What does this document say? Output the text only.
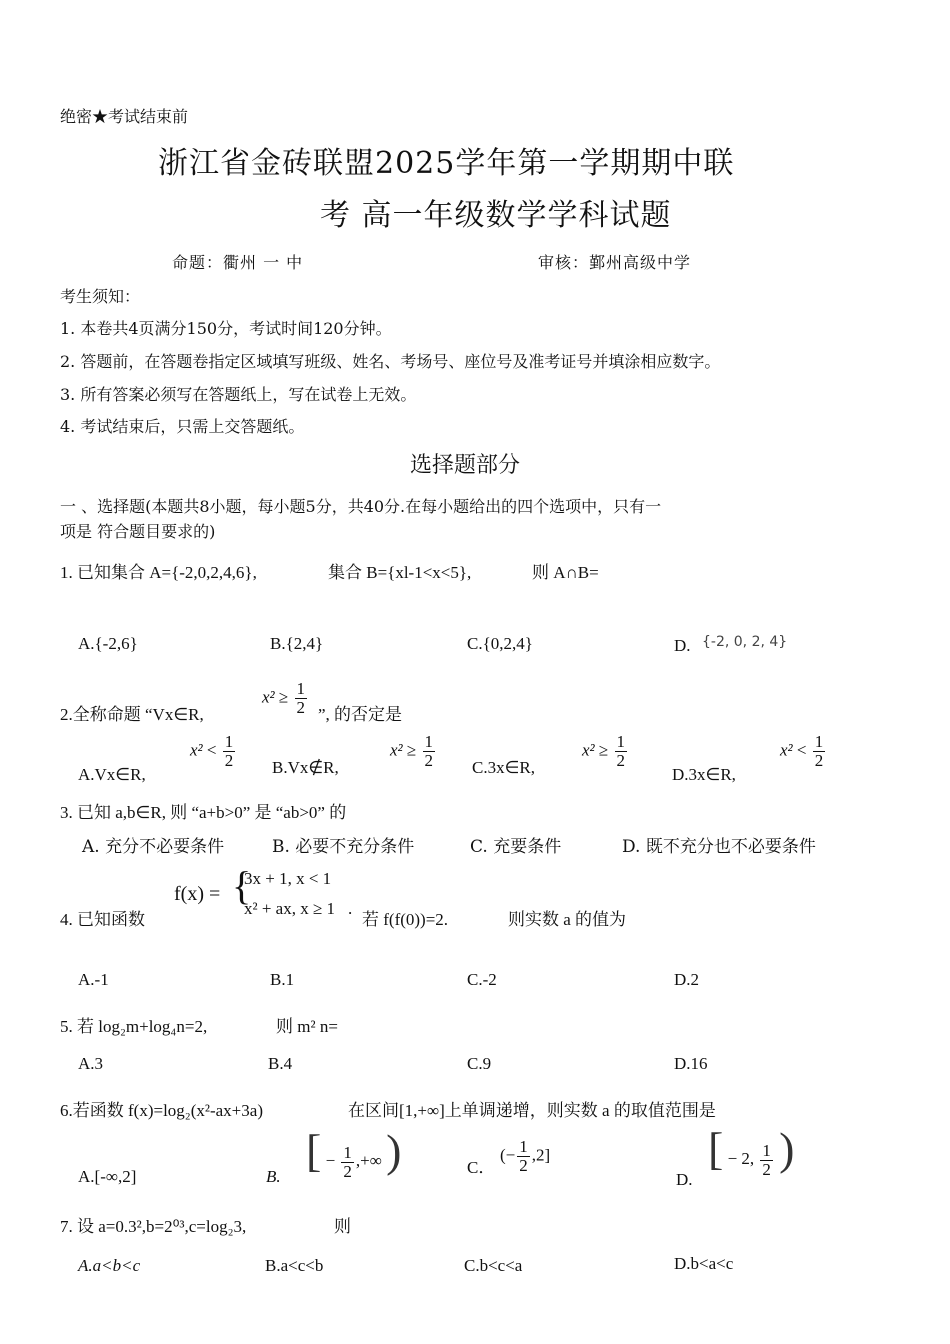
绝密★考试结束前
浙江省金砖联盟2025学年第一学期期中联
考 高一年级数学学科试题
命题：衢州 一 中	审核：鄞州高级中学
考生须知：
1. 本卷共4页满分150分，考试时间120分钟。
2. 答题前，在答题卷指定区域填写班级、姓名、考场号、座位号及准考证号并填涂相应数字。
3. 所有答案必须写在答题纸上，写在试卷上无效。
4. 考试结束后，只需上交答题纸。
选择题部分
一 、选择题(本题共8小题，每小题5分，共40分.在每小题给出的四个选项中，只有一
项是 符合题目要求的)
1. 已知集合 A={-2,0,2,4,6},	集合 B={xl-1<x<5},	则 A∩B=
A.{-2,6}	B.{2,4}	C.{0,2,4}	D. {-2, 0, 2, 4}
2.全称命题 “Vx∈R,
$x^2 \ge \frac{1}{2}$ ”, 的否定是
A.Vx∈R,
$x^2 < \frac{1}{2}$ B.Vx∉R,
$x^2 \ge \frac{1}{2}$ C.3x∈R,
$x^2 \ge \frac{1}{2}$
D.3x∈R,
$x^2 < \frac{1}{2}$
3. 已知 a,b∈R, 则 “a+b>0” 是 “ab>0” 的
A. 充分不必要条件	B. 必要不充分条件	C. 充要条件	D. 既不充分也不必要条件
4. 已知函数
f(x) = {
3x + 1, x < 1
x² + ax, x ≥ 1 .
若 f(f(0))=2.	则实数 a 的值为
A.-1	B.1	C.-2	D.2
5. 若 log₂m+log₄n=2,	则 m² n=
A.3	B.4	C.9	D.16
6.若函数 f(x)=log₂(x²-ax+3a)	在区间[1,+∞]上单调递增，则实数 a 的取值范围是
A.[-∞,2]	B.
[ − $\frac{1}{2}$ ,+∞ )	C．
(− $\frac{1}{2} ,2$]
D.
[ − 2, $\frac{1}{2}$ )
7. 设 a=0.3²,b=2⁰³,c=log₂3,	则
A.a<b<c	B.a<c<b	C.b<c<a	D.b<a<c
